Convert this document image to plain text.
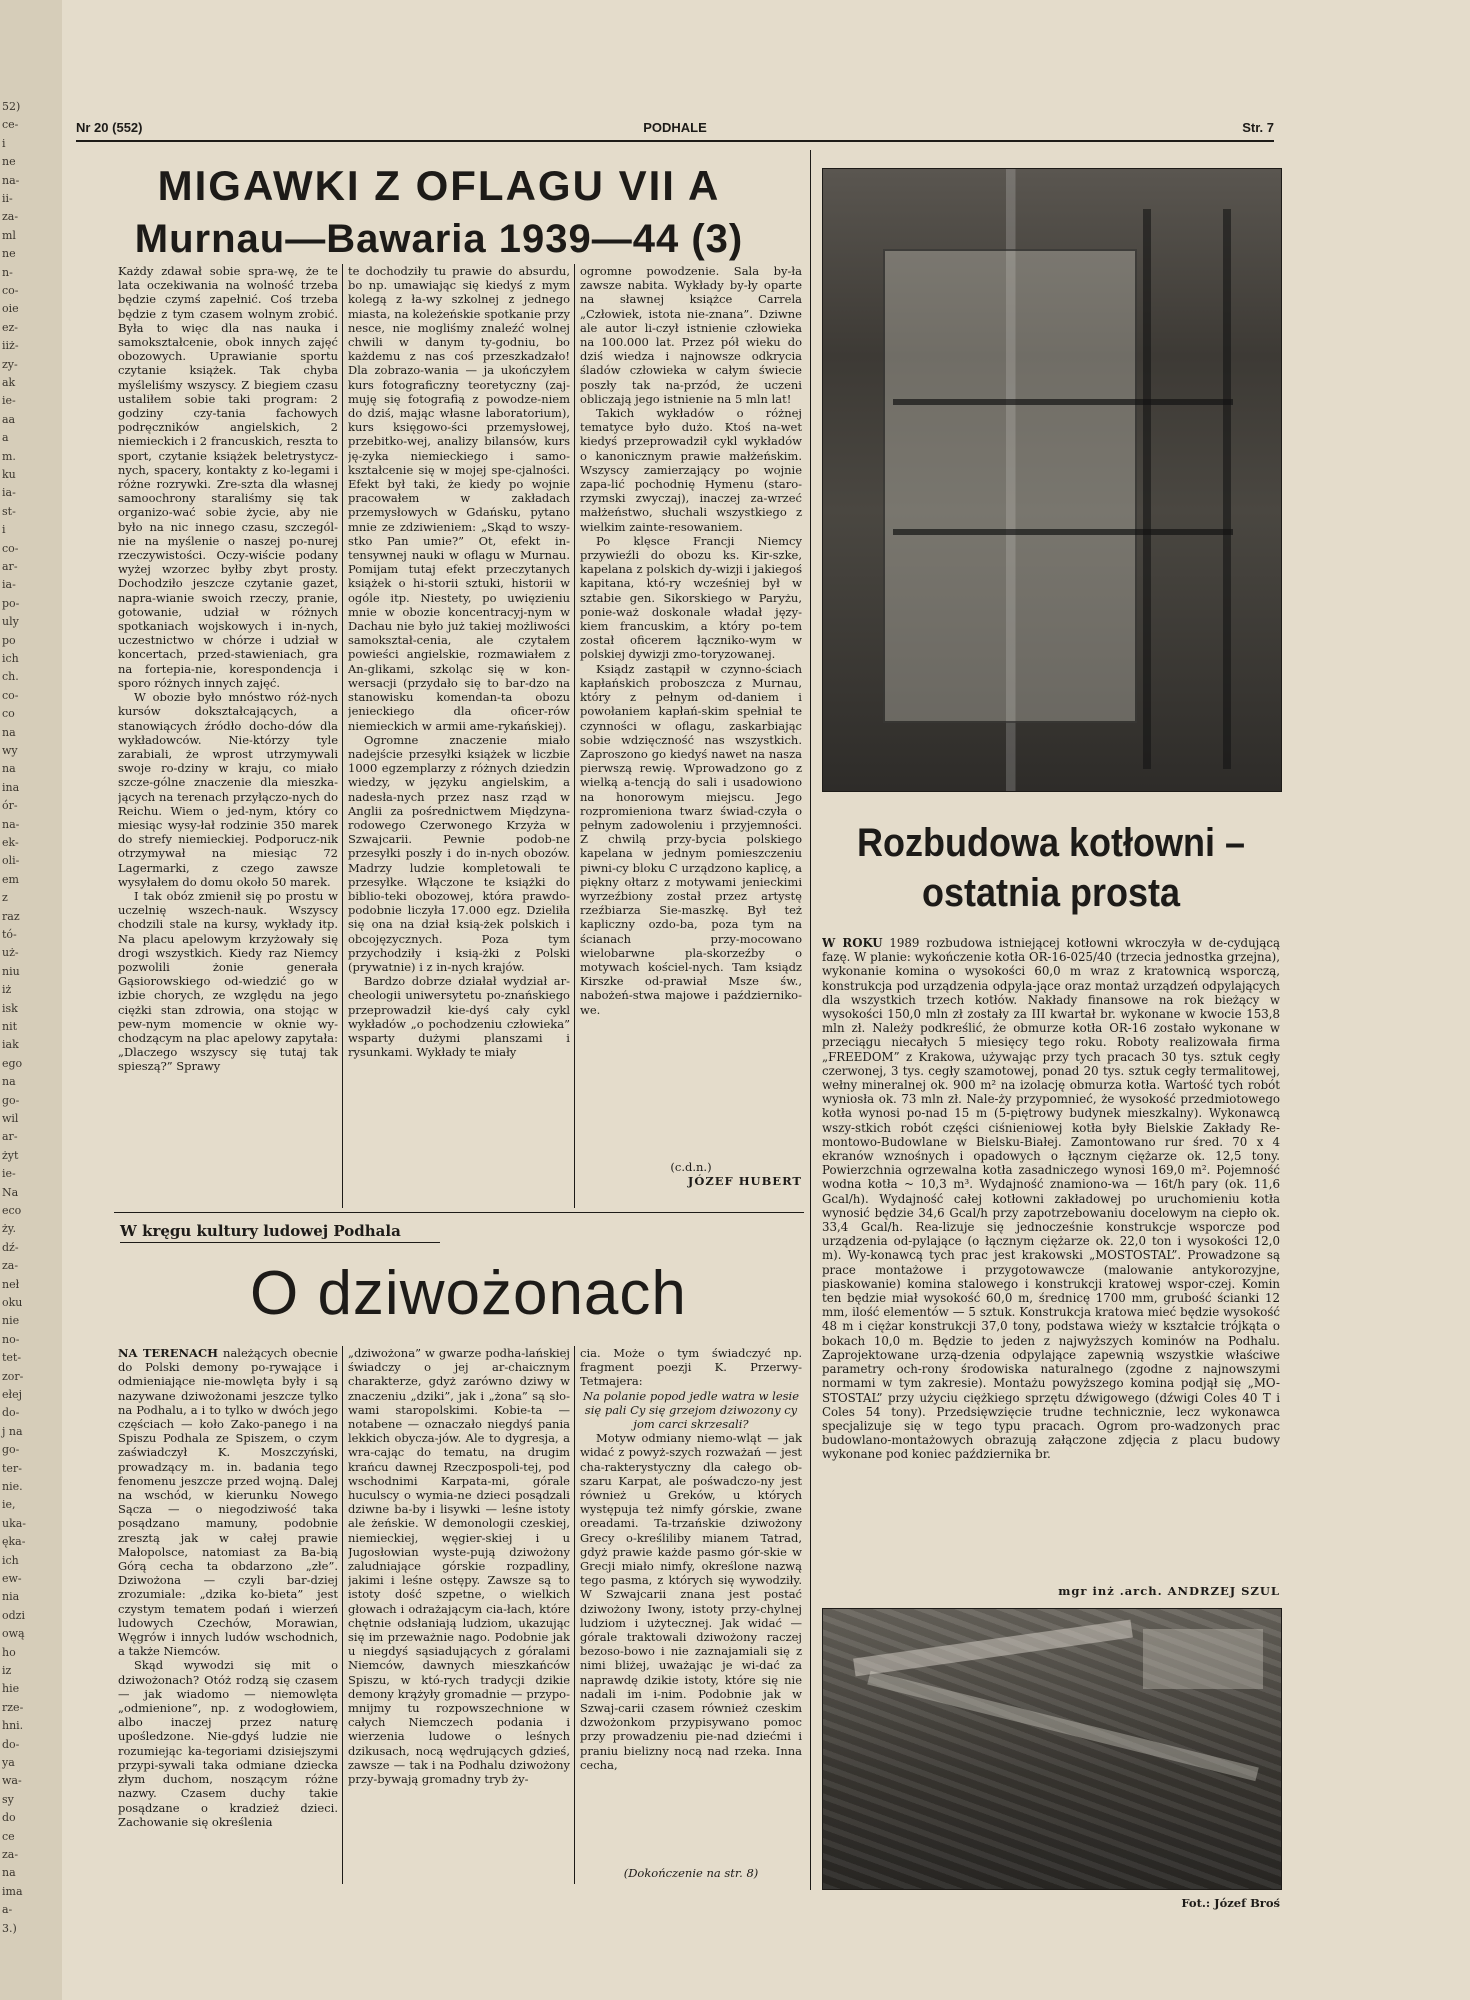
52)
ce-
i
ne
na-
ii-
za-
ml
ne
n-
co-
oie
ez-
iiż-
zy-
ak
ie-
aa
a
m.
ku
ia-
st-
i
co-
ar-
ia-
po-
uly
po
ich
ch.
co-
co
na
wy
na
ina
ór-
na-
ek-
oli-
em
z
raz
tó-
uż-
niu
iż
isk
nit
iak
ego
na
go-
wil
ar-
żyt
ie-
Na
eco
ży.
dź-
za-
neł
oku
nie
no-
tet-
zor-
ełej
do-
j na
go-
ter-
nie.
ie,
uka-
ęka-
ich
ew-
nia
odzi
ową
ho
iz
hie
rze-
hni.
do-
ya
wa-
sy
do
ce
za-
na
ima
a-
3.)
Nr 20 (552)	PODHALE	Str. 7
MIGAWKI Z OFLAGU VII A
Murnau—Bawaria 1939—44 (3)

Każdy zdawał sobie spra-wę, że te lata oczekiwania na wolność trzeba będzie czymś zapełnić. Coś trzeba będzie z tym czasem wolnym zrobić. Była to więc dla nas nauka i samokształcenie, obok innych zajęć obozowych. Uprawianie sportu czytanie książek. Tak chyba myśleliśmy wszyscy. Z biegiem czasu ustaliłem sobie taki program: 2 godziny czy-tania fachowych podręczników angielskich, 2 niemieckich i 2 francuskich, reszta to sport, czytanie książek beletrystycz-nych, spacery, kontakty z ko-legami i różne rozrywki. Zre-szta dla własnej samoochrony staraliśmy się tak organizo-wać sobie życie, aby nie było na nic innego czasu, szczegól-nie na myślenie o naszej po-nurej rzeczywistości. Oczy-wiście podany wyżej wzorzec byłby zbyt prosty. Dochodziło jeszcze czytanie gazet, napra-wianie swoich rzeczy, pranie, gotowanie, udział w różnych spotkaniach wojskowych i in-nych, uczestnictwo w chórze i udział w koncertach, przed-stawieniach, gra na fortepia-nie, korespondencja i sporo różnych innych zajęć.

W obozie było mnóstwo róż-nych kursów dokształcających, a stanowiących źródło docho-dów dla wykładowców. Nie-którzy tyle zarabiali, że wprost utrzymywali swoje ro-dziny w kraju, co miało szcze-gólne znaczenie dla mieszka-jących na terenach przyłączo-nych do Reichu. Wiem o jed-nym, który co miesiąc wysy-łał rodzinie 350 marek do strefy niemieckiej. Podporucz-nik otrzymywał na miesiąc 72 Lagermarki, z czego zawsze wysyłałem do domu około 50 marek.

I tak obóz zmienił się po prostu w uczelnię wszech-nauk. Wszyscy chodzili stale na kursy, wykłady itp. Na placu apelowym krzyżowały się drogi wszystkich. Kiedy raz Niemcy pozwolili żonie generała Gąsiorowskiego od-wiedzić go w izbie chorych, ze względu na jego ciężki stan zdrowia, ona stojąc w pew-nym momencie w oknie wy-chodzącym na plac apelowy zapytała: „Dlaczego wszyscy się tutaj tak spieszą?” Sprawy

te dochodziły tu prawie do absurdu, bo np. umawiając się kiedyś z mym kolegą z ła-wy szkolnej z jednego miasta, na koleżeńskie spotkanie przy nesce, nie mogliśmy znaleźć wolnej chwili w danym ty-godniu, bo każdemu z nas coś przeszkadzało! Dla zobrazo-wania — ja ukończyłem kurs fotograficzny teoretyczny (zaj-muję się fotografią z powodze-niem do dziś, mając własne laboratorium), kurs księgowo-ści przemysłowej, przebitko-wej, analizy bilansów, kurs ję-zyka niemieckiego i samo-kształcenie się w mojej spe-cjalności. Efekt był taki, że kiedy po wojnie pracowałem w zakładach przemysłowych w Gdańsku, pytano mnie ze zdziwieniem: „Skąd to wszy-stko Pan umie?” Ot, efekt in-tensywnej nauki w oflagu w Murnau. Pomijam tutaj efekt przeczytanych książek o hi-storii sztuki, historii w ogóle itp. Niestety, po uwięzieniu mnie w obozie koncentracyj-nym w Dachau nie było już takiej możliwości samokształ-cenia, ale czytałem powieści angielskie, rozmawiałem z An-glikami, szkoląc się w kon-wersacji (przydało się to bar-dzo na stanowisku komendan-ta obozu jenieckiego dla oficer-rów niemieckich w armii ame-rykańskiej).

Ogromne znaczenie miało nadejście przesyłki książek w liczbie 1000 egzemplarzy z różnych dziedzin wiedzy, w języku angielskim, a nadesła-nych przez nasz rząd w Anglii za pośrednictwem Międzyna-rodowego Czerwonego Krzyża w Szwajcarii. Pewnie podob-ne przesyłki poszły i do in-nych obozów. Madrzy ludzie kompletowali te przesyłke. Włączone te książki do biblio-teki obozowej, która prawdo-podobnie liczyła 17.000 egz. Dzieliła się ona na dział ksią-żek polskich i obcojęzycznych. Poza tym przychodziły i ksią-żki z Polski (prywatnie) i z in-nych krajów.

Bardzo dobrze działał wydział ar-cheologii uniwersytetu po-znańskiego przeprowadził kie-dyś cały cykl wykładów „o pochodzeniu człowieka” wsparty dużymi planszami i rysunkami. Wykłady te miały

ogromne powodzenie. Sala by-ła zawsze nabita. Wykłady by-ły oparte na sławnej książce Carrela „Człowiek, istota nie-znana”. Dziwne ale autor li-czył istnienie człowieka na 100.000 lat. Przez pół wieku do dziś wiedza i najnowsze odkrycia śladów człowieka w całym świecie poszły tak na-przód, że uczeni obliczają jego istnienie na 5 mln lat!

Takich wykładów o różnej tematyce było dużo. Ktoś na-wet kiedyś przeprowadził cykl wykładów o kanonicznym prawie małżeńskim. Wszyscy zamierzający po wojnie zapa-lić pochodnię Hymenu (staro-rzymski zwyczaj), inaczej za-wrzeć małżeństwo, słuchali wszystkiego z wielkim zainte-resowaniem.

Po klęsce Francji Niemcy przywieźli do obozu ks. Kir-szke, kapelana z polskich dy-wizji i jakiegoś kapitana, któ-ry wcześniej był w sztabie gen. Sikorskiego w Paryżu, ponie-waż doskonale władał języ-kiem francuskim, a który po-tem został oficerem łączniko-wym w polskiej dywizji zmo-toryzowanej.

Ksiądz zastąpił w czynno-ściach kapłańskich proboszcza z Murnau, który z pełnym od-daniem i powołaniem kapłań-skim spełniał te czynności w oflagu, zaskarbiając sobie wdzięczność nas wszystkich. Zaproszono go kiedyś nawet na nasza pierwszą rewię. Wprowadzono go z wielką a-tencją do sali i usadowiono na honorowym miejscu. Jego rozpromieniona twarz świad-czyła o pełnym zadowoleniu i przyjemności. Z chwilą przy-bycia polskiego kapelana w jednym pomieszczeniu piwni-cy bloku C urządzono kaplicę, a piękny ołtarz z motywami jenieckimi wyrzeźbiony został przez artystę rzeźbiarza Sie-maszkę. Był też kapliczny ozdo-ba, poza tym na ścianach przy-mocowano wielobarwne pla-skorzeźby o motywach kościel-nych. Tam ksiądz Kirszke od-prawiał Msze św., nabożeń-stwa majowe i październiko-we.

(c.d.n.)

JÓZEF HUBERT

Rozbudowa kotłowni –
ostatnia prosta

W ROKU 1989 rozbudowa istniejącej kotłowni wkroczyła w de-cydującą fazę. W planie: wykończenie kotła OR-16-025/40 (trzecia jednostka grzejna), wykonanie komina o wysokości 60,0 m wraz z kratownicą wsporczą, konstrukcja pod urządzenia odpyla-jące oraz montaż urządzeń odpylających dla wszystkich trzech kotłów. Nakłady finansowe na rok bieżący w wysokości 150,0 mln zł zostały za III kwartał br. wykonane w kwocie 153,8 mln zł. Należy podkreślić, że obmurze kotła OR-16 zostało wykonane w przeciągu niecałych 5 miesięcy tego roku. Roboty realizowała firma „FREEDOM” z Krakowa, używając przy tych pracach 30 tys. sztuk cegły czerwonej, 3 tys. cegły szamotowej, ponad 20 tys. sztuk cegły termalitowej, wełny mineralnej ok. 900 m² na izolację obmurza kotła. Wartość tych robót wyniosła ok. 73 mln zł. Nale-ży przypomnieć, że wysokość przedmiotowego kotła wynosi po-nad 15 m (5-piętrowy budynek mieszkalny). Wykonawcą wszy-stkich robót części ciśnieniowej kotła były Bielskie Zakłady Re-montowo-Budowlane w Bielsku-Białej. Zamontowano rur śred. 70 x 4 ekranów wznośnych i opadowych o łącznym ciężarze ok. 12,5 tony. Powierzchnia ogrzewalna kotła zasadniczego wynosi 169,0 m². Pojemność wodna kotła ~ 10,3 m³. Wydajność znamiono-wa — 16t/h pary (ok. 11,6 Gcal/h). Wydajność całej kotłowni zakładowej po uruchomieniu kotła wynosić będzie 34,6 Gcal/h przy zapotrzebowaniu docelowym na ciepło ok. 33,4 Gcal/h. Rea-lizuje się jednocześnie konstrukcje wsporcze pod urządzenia od-pylające (o łącznym ciężarze ok. 22,0 ton i wysokości 12,0 m). Wy-konawcą tych prac jest krakowski „MOSTOSTAL”. Prowadzone są prace montażowe i przygotowawcze (malowanie antykorozyjne, piaskowanie) komina stalowego i konstrukcji kratowej wspor-czej. Komin ten będzie miał wysokość 60,0 m, średnicę 1700 mm, grubość ścianki 12 mm, ilość elementów — 5 sztuk. Konstrukcja kratowa mieć będzie wysokość 48 m i ciężar konstrukcji 37,0 tony, podstawa wieży w kształcie trójkąta o bokach 10,0 m. Będzie to jeden z najwyższych kominów na Podhalu. Zaprojektowane urzą-dzenia odpylające zapewnią wszystkie właściwe parametry och-rony środowiska naturalnego (zgodne z najnowszymi normami w tym zakresie). Montażu powyższego komina podjął się „MO-STOSTAL” przy użyciu ciężkiego sprzętu dźwigowego (dźwigi Coles 40 T i Coles 54 tony). Przedsięwzięcie trudne technicznie, lecz wykonawca specjalizuje się w tego typu pracach. Ogrom pro-wadzonych prac budowlano-montażowych obrazują załączone zdjęcia z placu budowy wykonane pod koniec października br.

mgr inż .arch. ANDRZEJ SZUL

Fot.: Józef Broś
W kręgu kultury ludowej Podhala
O dziwożonach

NA TERENACH należących obecnie do Polski demony po-rywające i odmieniające nie-mowlęta były i są nazywane dziwożonami jeszcze tylko na Podhalu, a i to tylko w dwóch jego częściach — koło Zako-panego i na Spiszu Podhala ze Spiszem, o czym zaświadczył K. Moszczyński, prowadzący m. in. badania tego fenomenu jeszcze przed wojną. Dalej na wschód, w kierunku Nowego Sącza — o niegodziwość taka posądzano mamuny, podobnie zresztą jak w całej prawie Małopolsce, natomiast za Ba-bią Górą cecha ta obdarzono „złe”. Dziwożona — czyli bar-dziej zrozumiale: „dzika ko-bieta” jest czystym tematem podań i wierzeń ludowych Czechów, Morawian, Węgrów i innych ludów wschodnich, a także Niemców.

Skąd wywodzi się mit o dziwożonach? Otóż rodzą się czasem — jak wiadomo — niemowlęta „odmienione”, np. z wodogłowiem, albo inaczej przez naturę upośledzone. Nie-gdyś ludzie nie rozumiejąc ka-tegoriami dzisiejszymi przypi-sywali taka odmiane dzieckа złym duchom, noszącym różne nazwy. Czasem duchy takie posądzane o kradzież dzieci. Zachowanie się określenia

„dziwożona” w gwarze podha-lańskiej świadczy o jej ar-chaicznym charakterze, gdyż zarówno dziwy w znaczeniu „dziki”, jak i „żona” są sło-wami staropolskimi. Kobie-ta — notabene — oznaczało niegdyś pania lekkich obycza-jów. Ale to dygresja, a wra-cając do tematu, na drugim krańcu dawnej Rzeczpospoli-tej, pod wschodnimi Karpata-mi, górale huculscy o wymia-ne dzieci posądzali dziwne ba-by i lisywki — leśne istoty ale żeńskie. W demonologii czeskiej, niemieckiej, węgier-skiej i u Jugosłowian wyste-pują dziwożony zaludniające górskie rozpadliny, jakimi i leśne ostępy. Zawsze są to istoty dość szpetne, o wielkich głowach i odrażającym cia-łach, które chętnie odsłaniają ludziom, ukazując się im przeważnie nago. Podobnie jak u niegdyś sąsiadujących z góralami Niemców, dawnych mieszkańców Spiszu, w któ-rych tradycji dzikie demony krążyły gromadnie — przypo-mnijmy tu rozpowszechnione w całych Niemczech podania i wierzenia ludowe o leśnych dzikusach, nocą wędrujących gdzieś, zawsze — tak i na Podhalu dziwożony przy-bywają gromadny tryb ży-

cia. Może o tym świadczyć np. fragment poezji K. Przerwy-Tetmajera:

Na polanie popod jedle watra w lesie się pali Cy się grzejom dziwozony cy jom carci skrzesali?

Motyw odmiany niemo-wląt — jak widać z powyż-szych rozważań — jest cha-rakterystyczny dla całego ob-szaru Karpat, ale pośwadczo-ny jest również u Greków, u których występuja też nimfy górskie, zwane oreadami. Ta-trzańskie dziwożony Grecy o-kreśliliby mianem Tatrad, gdyż prawie każde pasmo gór-skie w Grecji miało nimfy, określone nazwą tego pasma, z których się wywodziły. W Szwajcarii znana jest postać dziwożony Iwony, istoty przy-chylnej ludziom i użytecznej. Jak widać — górale traktowali dziwożony raczej bezoso-bowo i nie zaznajamiali się z nimi bliżej, uważając je wi-dać za naprawdę dzikie istoty, które się nie nadali im i-nim. Podobnie jak w Szwaj-carii czasem również czeskim dzwożonkom przypisywano pomoc przy prowadzeniu pie-nad dziećmi i praniu bielizny nocą nad rzeka. Inna cecha,

(Dokończenie na str. 8)
